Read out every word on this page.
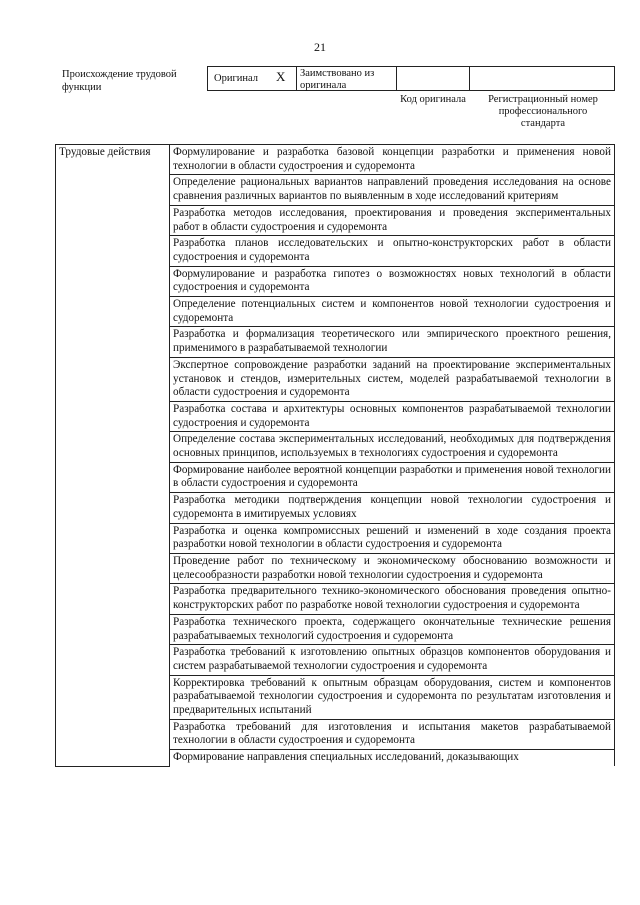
21
Происхождение трудовой функции
Оригинал X Заимствовано из оригинала
Код оригинала	Регистрационный номер профессионального стандарта
Трудовые действия	Формулирование и разработка базовой концепции разработки и применения новой технологии в области судостроения и судоремонта
Определение рациональных вариантов направлений проведения исследования на основе сравнения различных вариантов по выявленным в ходе исследований критериям
Разработка методов исследования, проектирования и проведения экспериментальных работ в области судостроения и судоремонта
Разработка планов исследовательских и опытно-конструкторских работ в области судостроения и судоремонта
Формулирование и разработка гипотез о возможностях новых технологий в области судостроения и судоремонта
Определение потенциальных систем и компонентов новой технологии судостроения и судоремонта
Разработка и формализация теоретического или эмпирического проектного решения, применимого в разрабатываемой технологии
Экспертное сопровождение разработки заданий на проектирование экспериментальных установок и стендов, измерительных систем, моделей разрабатываемой технологии в области судостроения и судоремонта
Разработка состава и архитектуры основных компонентов разрабатываемой технологии судостроения и судоремонта
Определение состава экспериментальных исследований, необходимых для подтверждения основных принципов, используемых в технологиях судостроения и судоремонта
Формирование наиболее вероятной концепции разработки и применения новой технологии в области судостроения и судоремонта
Разработка методики подтверждения концепции новой технологии судостроения и судоремонта в имитируемых условиях
Разработка и оценка компромиссных решений и изменений в ходе создания проекта разработки новой технологии в области судостроения и судоремонта
Проведение работ по техническому и экономическому обоснованию возможности и целесообразности разработки новой технологии судостроения и судоремонта
Разработка предварительного технико-экономического обоснования проведения опытно-конструкторских работ по разработке новой технологии судостроения и судоремонта
Разработка технического проекта, содержащего окончательные технические решения разрабатываемых технологий судостроения и судоремонта
Разработка требований к изготовлению опытных образцов компонентов оборудования и систем разрабатываемой технологии судостроения и судоремонта
Корректировка требований к опытным образцам оборудования, систем и компонентов разрабатываемой технологии судостроения и судоремонта по результатам изготовления и предварительных испытаний
Разработка требований для изготовления и испытания макетов разрабатываемой технологии в области судостроения и судоремонта
Формирование направления специальных исследований, доказывающих
